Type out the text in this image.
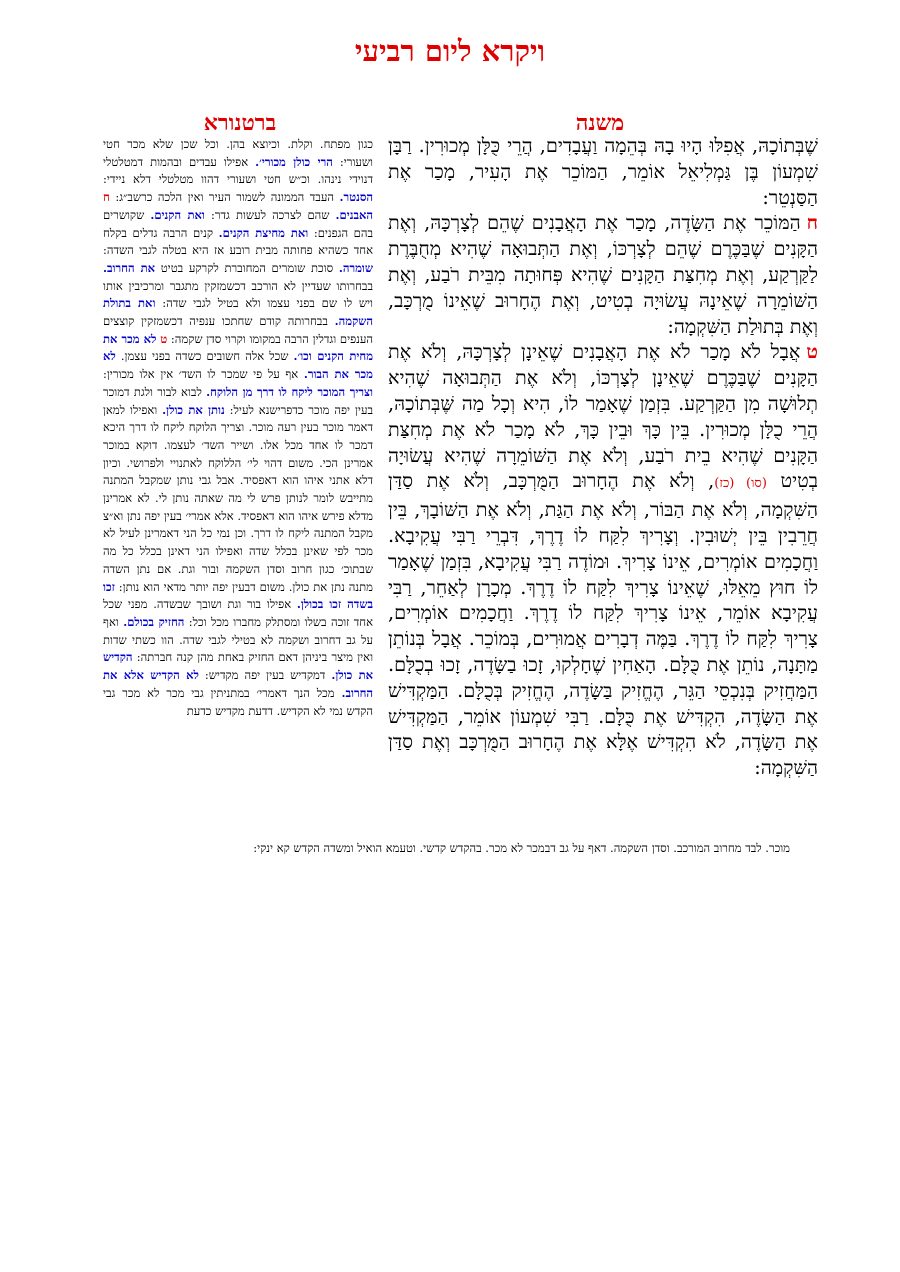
ויקרא ליום רביעי
משנה
ברטנורא

שֶׁבְּתוֹכָהּ, אֲפִלּוּ הָיוּ בָהּ בְּהֵמָה וַעֲבָדִים, הֲרֵי כֻּלָּן מְכוּרִין. רַבָּן שִׁמְעוֹן בֶּן גַּמְלִיאֵל אוֹמֵר, הַמּוֹכֵר אֶת הָעִיר, מָכַר אֶת הַסַּנְטֵר:

חהַמּוֹכֵר אֶת הַשָּׂדֶה, מָכַר אֶת הָאֲבָנִים שֶׁהֵם לְצָרְכָּהּ, וְאֶת הַקָּנִים שֶׁבַּכֶּרֶם שֶׁהֵם לְצָרְכּוֹ, וְאֶת הַתְּבוּאָה שֶׁהִיא מְחֻבֶּרֶת לַקַּרְקַע, וְאֶת מְחִצַּת הַקָּנִים שֶׁהִיא פְּחוּתָה מִבֵּית רֹבַע, וְאֶת הַשּׁוֹמֵרָה שֶׁאֵינָהּ עֲשׂוּיָה בְטִיט, וְאֶת הֶחָרוּב שֶׁאֵינוֹ מֻרְכָּב, וְאֶת בְּתוּלַת הַשִּׁקְמָה:

טאֲבָל לֹא מָכַר לֹא אֶת הָאֲבָנִים שֶׁאֵינָן לְצָרְכָּהּ, וְלֹא אֶת הַקָּנִים שֶׁבַּכֶּרֶם שֶׁאֵינָן לְצָרְכּוֹ, וְלֹא אֶת הַתְּבוּאָה שֶׁהִיא תְלוּשָׁה מִן הַקַּרְקַע. בִּזְמַן שֶׁאָמַר לוֹ, הִיא וְכָל מַה שֶּׁבְּתוֹכָהּ, הֲרֵי כֻלָּן מְכוּרִין. בֵּין כָּךְ וּבֵין כָּךְ, לֹא מָכַר לֹא אֶת מְחִצַּת הַקָּנִים שֶׁהִיא בֵית רֹבַע, וְלֹא אֶת הַשּׁוֹמֵרָה שֶׁהִיא עֲשׂוּיָה בְטִיט (סו) (כז), וְלֹא אֶת הֶחָרוּב הַמֻּרְכָּב, וְלֹא אֶת סַדַּן הַשִּׁקְמָה, וְלֹא אֶת הַבּוֹר, וְלֹא אֶת הַגַּת, וְלֹא אֶת הַשּׁוֹבָךְ, בֵּין חֲרֵבִין בֵּין יְשׁוּבִין. וְצָרִיךְ לִקַּח לוֹ דֶרֶךְ, דִּבְרֵי רַבִּי עֲקִיבָא. וַחֲכָמִים אוֹמְרִים, אֵינוֹ צָרִיךְ. וּמוֹדֶה רַבִּי עֲקִיבָא, בִּזְמַן שֶׁאָמַר לוֹ חוּץ מֵאֵלּוּ, שֶׁאֵינוֹ צָרִיךְ לִקַּח לוֹ דֶרֶךְ. מְכָרָן לְאַחֵר, רַבִּי עֲקִיבָא אוֹמֵר, אֵינוֹ צָרִיךְ לִקַּח לוֹ דֶרֶךְ. וַחֲכָמִים אוֹמְרִים, צָרִיךְ לִקַּח לוֹ דֶרֶךְ. בַּמֶּה דְבָרִים אֲמוּרִים, בְּמוֹכֵר. אֲבָל בְּנוֹתֵן מַתָּנָה, נוֹתֵן אֶת כֻּלָּם. הָאַחִין שֶׁחָלְקוּ, זָכוּ בַשָּׂדֶה, זָכוּ בְכֻלָּם. הַמַּחֲזִיק בְּנִכְסֵי הַגֵּר, הֶחֱזִיק בַּשָּׂדֶה, הֶחֱזִיק בְּכֻלָּם. הַמַּקְדִּישׁ אֶת הַשָּׂדֶה, הִקְדִּישׁ אֶת כֻּלָּם. רַבִּי שִׁמְעוֹן אוֹמֵר, הַמַּקְדִּישׁ אֶת הַשָּׂדֶה, לֹא הִקְדִּישׁ אֶלָּא אֶת הֶחָרוּב הַמֻּרְכָּב וְאֶת סַדַּן הַשִּׁקְמָה:

כגון מפתח. וקלת. וכיוצא בהן. וכל שכן שלא מכר חטי ושעורי: הרי כולן מכורי׳. אפילו עבדים ובהמות דמטלטלי דנוידי נינהו. וכ״ש חטי ושעורי דהוו מטלטלי דלא ניידי: הסנטר. העבד הממונה לשמור העיר ואין הלכה כרשב״ג: ח האבנים. שהם לצרכה לעשות גדר: ואת הקנים. שקושרים בהם הגפנים: ואת מחיצת הקנים. קנים הרבה גדלים בקלח אחד כשהיא פחותה מבית רובע אז היא בטלה לגבי השדה: שומרה. סוכת שומרים המחוברת לקרקע בטיט את החרוב. בבחרותו שעדיין לא הורכב דכשמזקין מתגבר ומרכיבין אותו ויש לו שם בפני עצמו ולא בטיל לגבי שדה: ואת בתולת השקמה. בבחרותה קודם שחתכו ענפיה דכשמזקין קוצצים הענפים וגדלין הרבה במקומו וקרוי סדן שקמה: ט לא מכר את מחית הקנים וכו׳. שכל אלה חשובים כשדה בפני עצמן. לא מכר את הבור. אף על פי שמכר לו השד׳ אין אלו מכורין: וצריך המוכר ליקח לו דרך מן הלוקח. לבוא לבור ולגת דמוכר בעין יפה מוכר כדפרישנא לעיל: נותן את כולן. ואפילו למאן דאמר מוכר בעין רעה מוכר. וצריך הלוקח ליקח לו דרך היכא דמכר לו אחד מכל אלו. ושייר השד׳ לעצמו. דוקא במוכר אמרינן הכי. משום דהוי לי׳ הללוקח לאתנויי ולפרושי. וכיון דלא אתני איהו הוא דאפסיד. אבל גבי נותן שמקבל המתנה מתייבש לומר לנותן פרש לי מה שאתה נותן לי. לא אמרינן מדלא פירש איהו הוא דאפסיד. אלא אמרי׳ בעין יפה נתן וא״צ מקבל המתנה ליקח לו דרך. וכן נמי כל הני דאמרינן לעיל לא מכר לפי שאינן בכלל שדה ואפילו הני דאינן בכלל כל מה שבתוכ׳ כגון חרוב וסדן השקמה ובור וגת. אם נתן השדה מתנה נתן את כולן. משום דבעין יפה יותר מדאי הוא נותן: זכו בשדה זכו בכולן. אפילו בור וגת ושובך שבשדה. מפני שכל אחד זוכה בשלו ומסתלק מחברו מכל וכל: החזיק בכולם. ואף על גב דחרוב ושקמה לא בטילי לגבי שדה. הוו כשתי שדות ואין מיצר ביניהן דאם החזיק באחת מהן קנה חברתה: הקדיש את כולן. דמקדיש בעין יפה מקדיש: לא הקדיש אלא את החרוב. מכל הנך דאמרי׳ במתניתין גבי מכר לא מכר גבי הקדש נמי לא הקדיש. דדעת מקדיש כדעת
מוכר. לבד מחרוב המורכב. וסדן השקמה. דאף על גב דבמכר לא מכר. בהקדש קדשי. וטעמא הואיל ומשדה הקדש קא ינקי:
